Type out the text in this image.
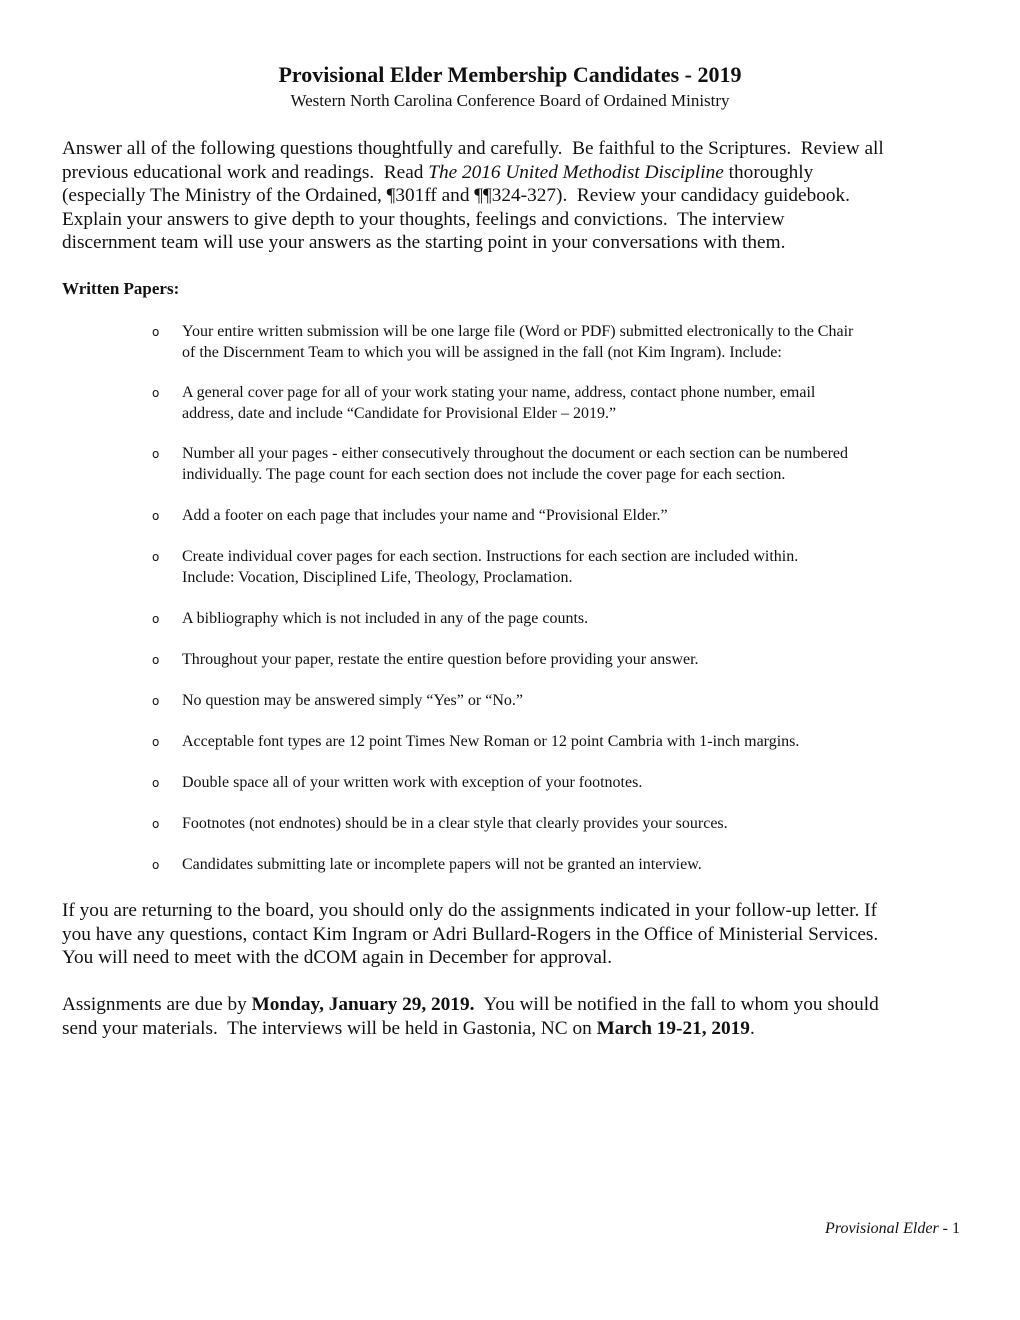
Provisional Elder Membership Candidates - 2019
Western North Carolina Conference Board of Ordained Ministry
Answer all of the following questions thoughtfully and carefully.  Be faithful to the Scriptures.  Review all
previous educational work and readings.  Read The 2016 United Methodist Discipline thoroughly
(especially The Ministry of the Ordained, ¶301ff and ¶¶324-327).  Review your candidacy guidebook.
Explain your answers to give depth to your thoughts, feelings and convictions.  The interview
discernment team will use your answers as the starting point in your conversations with them.
Written Papers:
o Your entire written submission will be one large file (Word or PDF) submitted electronically to the Chair
of the Discernment Team to which you will be assigned in the fall (not Kim Ingram). Include:
o A general cover page for all of your work stating your name, address, contact phone number, email
address, date and include “Candidate for Provisional Elder – 2019.”
o Number all your pages - either consecutively throughout the document or each section can be numbered
individually. The page count for each section does not include the cover page for each section.
o Add a footer on each page that includes your name and “Provisional Elder.”
o Create individual cover pages for each section. Instructions for each section are included within.
Include: Vocation, Disciplined Life, Theology, Proclamation.
o A bibliography which is not included in any of the page counts.
o Throughout your paper, restate the entire question before providing your answer.
o No question may be answered simply “Yes” or “No.”
o Acceptable font types are 12 point Times New Roman or 12 point Cambria with 1-inch margins.
o Double space all of your written work with exception of your footnotes.
o Footnotes (not endnotes) should be in a clear style that clearly provides your sources.
o Candidates submitting late or incomplete papers will not be granted an interview.
If you are returning to the board, you should only do the assignments indicated in your follow-up letter. If
you have any questions, contact Kim Ingram or Adri Bullard-Rogers in the Office of Ministerial Services.
You will need to meet with the dCOM again in December for approval.
Assignments are due by Monday, January 29, 2019.  You will be notified in the fall to whom you should
send your materials.  The interviews will be held in Gastonia, NC on March 19-21, 2019.
Provisional Elder - 1
